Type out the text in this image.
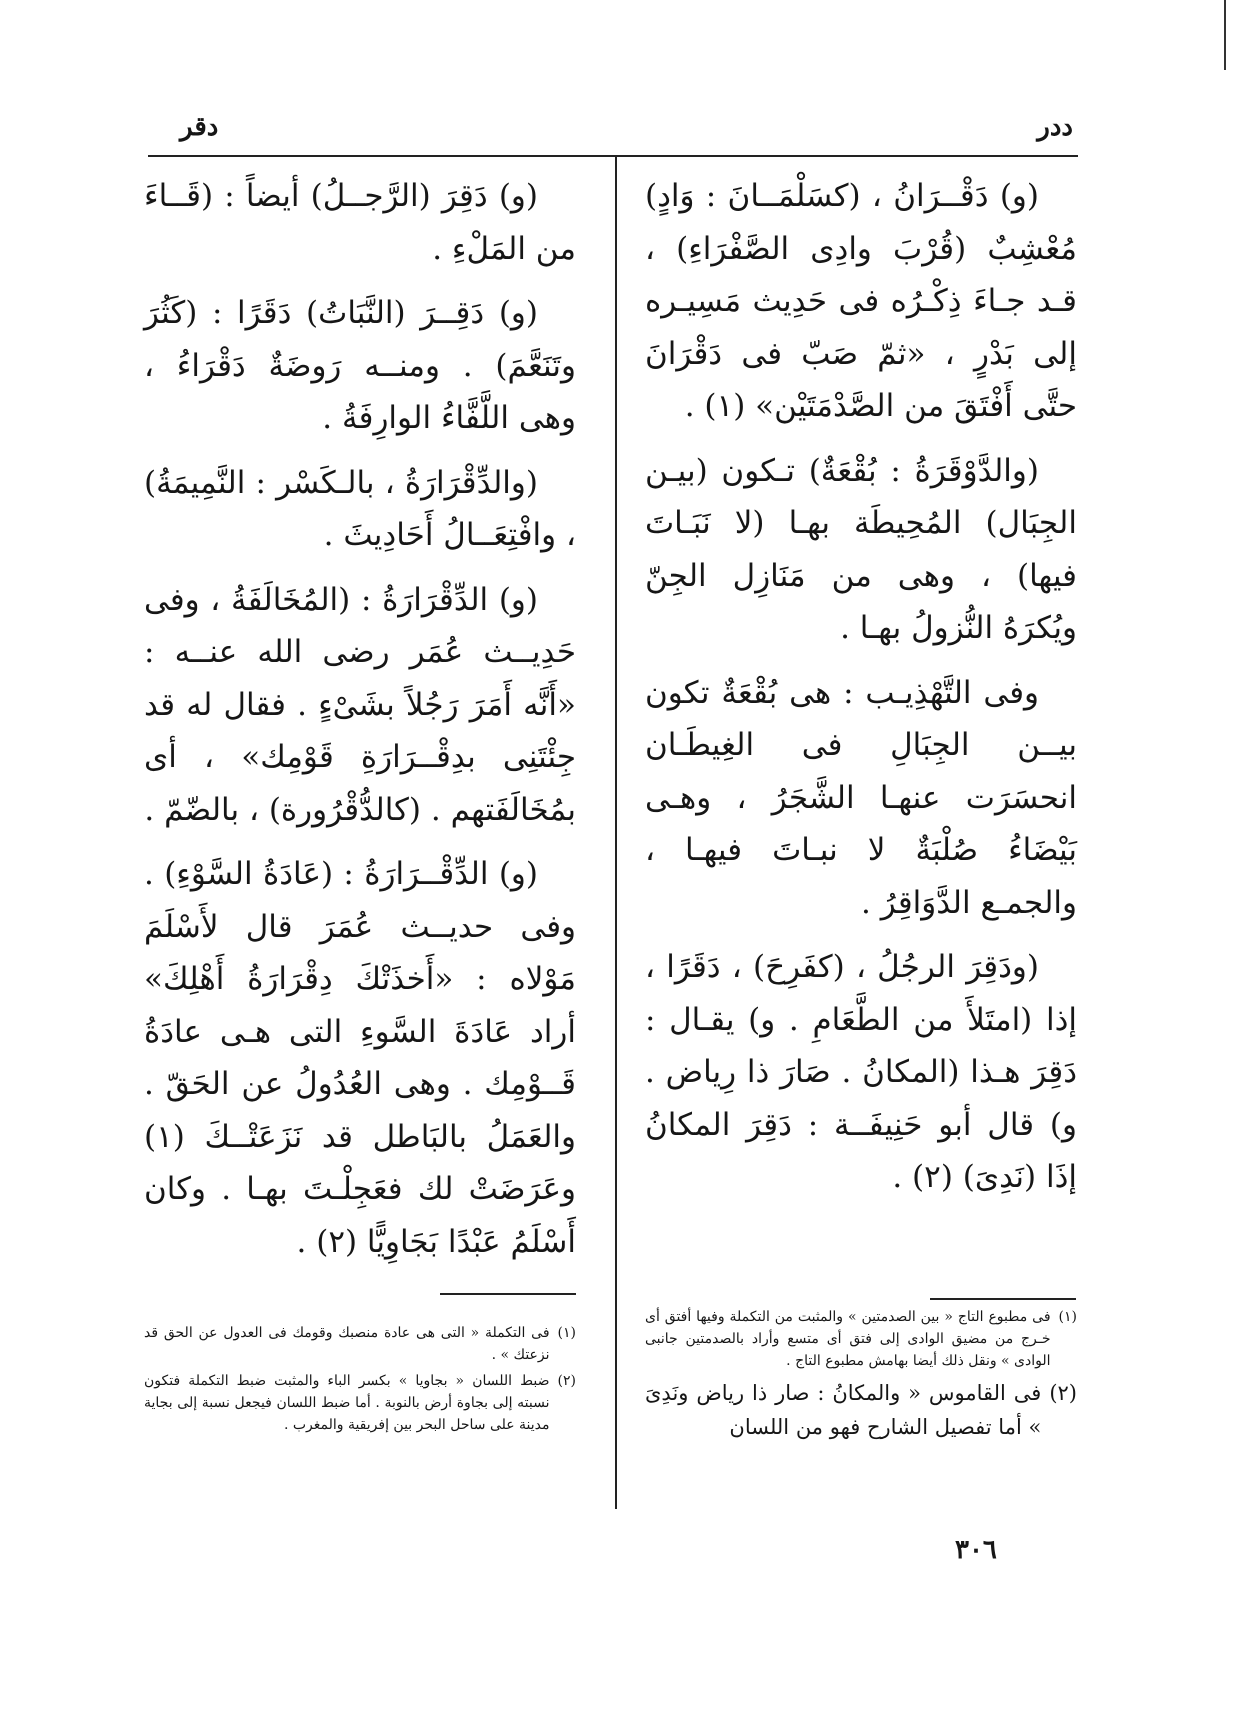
ددر
دقر

(و) دَقْــرَانُ ، (كسَلْمَــانَ : وَادٍ) مُعْشِبٌ (قُرْبَ وادِى الصَّفْرَاءِ) ، قـد جـاءَ ذِكْـرُه فى حَدِيث مَسِيـره إلى بَدْرٍ ، «ثمّ صَبّ فى دَقْرَانَ حتَّى أَفْتَقَ من الصَّدْمَتَيْن» (١) .

(والدَّوْقَرَةُ : بُقْعَةٌ) تـكون (بيـن الجِبَال) المُحِيطَة بهـا (لا نَبَـاتَ فيها) ، وهى من مَنَازِل الجِنّ ويُكرَهُ النُّزولُ بهـا .

وفى التَّهْذِيـب : هى بُقْعَةٌ تكون بيــن الجِبَالِ فى الغِيطَـان انحسَرَت عنهـا الشَّجَرُ ، وهـى بَيْضَاءُ صُلْبَةٌ لا نبـاتَ فيهـا ، والجمـع الدَّوَاقِرُ .

(ودَقِرَ الرجُلُ ، (كفَرِحَ) ، دَقَرًا ، إذا (امتَلأَ من الطَّعَامِ . و) يقـال : دَقِرَ هـذا (المكانُ . صَارَ ذا رِياض . و) قال أبو حَنِيفَــة : دَقِرَ المكانُ إذَا (نَدِىَ) (٢) .

(و) دَقِرَ (الرَّجــلُ) أيضاً : (قَــاءَ من المَلْءِ .

(و) دَقِــرَ (النَّبَاتُ) دَقَرًا : (كَثُرَ وتَنَعَّمَ) . ومنــه رَوضَةٌ دَقْرَاءُ ، وهى اللَّفَّاءُ الوارِفَةُ .

(والدِّقْرَارَةُ ، بالـكَسْر : النَّمِيمَةُ) ، وافْتِعَــالُ أَحَادِيثَ .

(و) الدِّقْرَارَةُ : (المُخَالَفَةُ ، وفى حَدِيــث عُمَر رضى الله عنــه : «أَنَّه أَمَرَ رَجُلاً بشَىْءٍ . فقال له قد جِئْتَنِى بدِقْــرَارَةِ قَوْمِك» ، أى بمُخَالَفَتهم . (كالدُّقْرُورة) ، بالضّمّ .

(و) الدِّقْــرَارَةُ : (عَادَةُ السَّوْءِ) . وفى حديــث عُمَرَ قال لأَسْلَمَ مَوْلاه : «أَخذَتْكَ دِقْرَارَةُ أَهْلِكَ» أراد عَادَةَ السَّوءِ التى هـى عادَةُ قَــوْمِك . وهى العُدُولُ عن الحَقّ . والعَمَلُ بالبَاطل قد نَزَعَتْــكَ (١) وعَرَضَتْ لك فعَجِلْـتَ بهـا . وكان أَسْلَمُ عَبْدًا بَجَاوِيًّا (٢) .

(١)
فى مطبوع التاج « بين الصدمتين » والمثبت من التكملة وفيها أفتق أى خـرج من مضيق الوادى إلى فتق أى متسع وأراد بالصدمتين جانبى الوادى » ونقل ذلك أيضا بهامش مطبوع التاج .
(٢)
فى القاموس « والمكانُ : صار ذا رياض ونَدِىَ » أما تفصيل الشارح فهو من اللسان
(١)
فى التكملة « التى هى عادة منصبك وقومك فى العدول عن الحق قد نزعتك » .
(٢)
ضبط اللسان « بجاويا » بكسر الباء والمثبت ضبط التكملة فتكون نسبته إلى بجاوة أرض بالنوبة . أما ضبط اللسان فيجعل نسبة إلى بجاية مدينة على ساحل البحر بين إفريقية والمغرب .
٣٠٦
